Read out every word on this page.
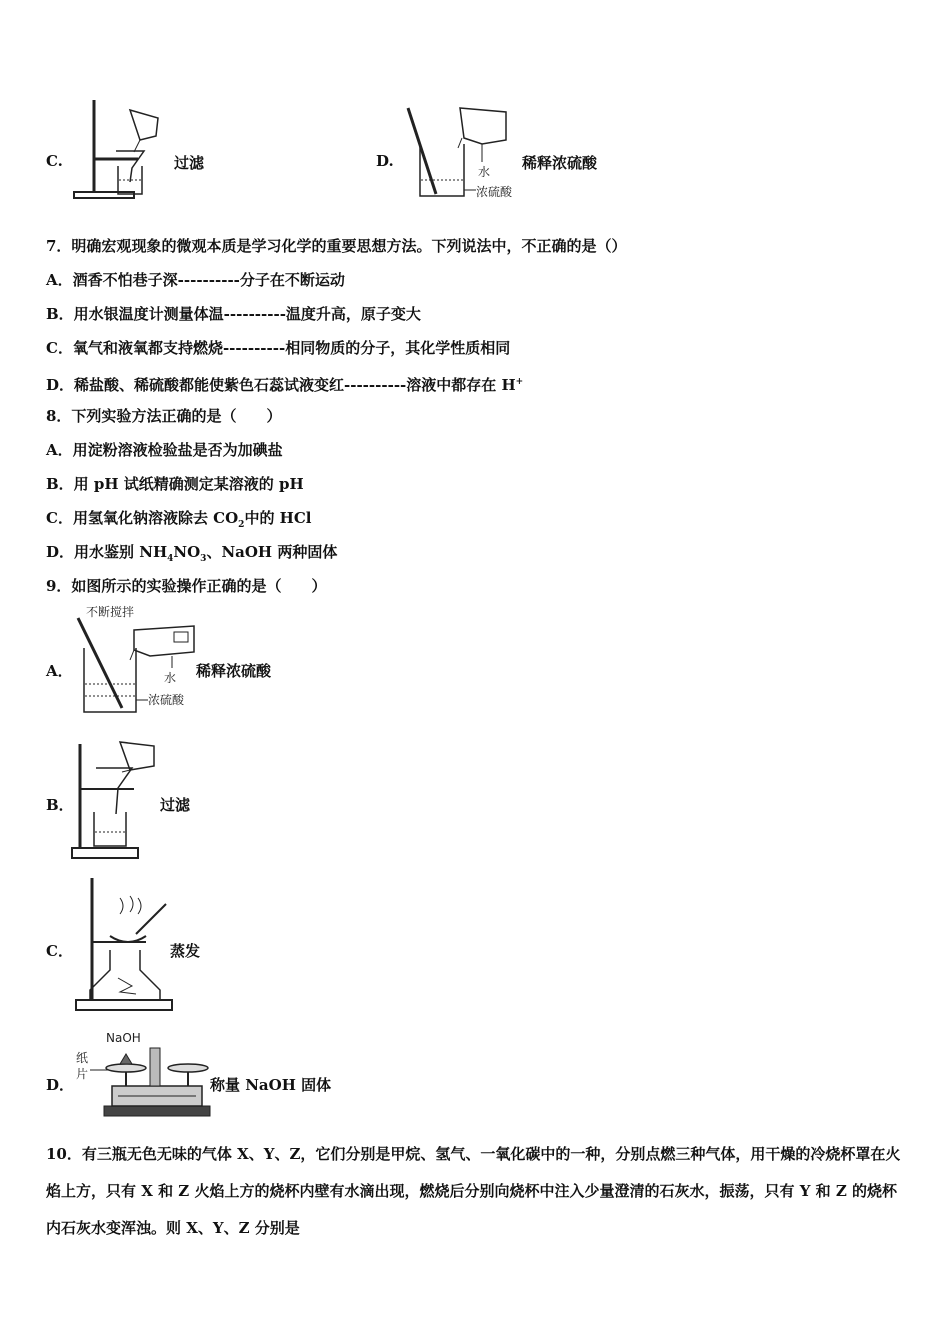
C.	过滤	D.
水
浓硫酸
稀释浓硫酸
7．明确宏观现象的微观本质是学习化学的重要思想方法。下列说法中，不正确的是（）
A．酒香不怕巷子深----------分子在不断运动
B．用水银温度计测量体温----------温度升高，原子变大
C．氧气和液氧都支持燃烧----------相同物质的分子，其化学性质相同
D．稀盐酸、稀硫酸都能使紫色石蕊试液变红----------溶液中都存在 H+
8．下列实验方法正确的是（　　）
A．用淀粉溶液检验盐是否为加碘盐
B．用 pH 试纸精确测定某溶液的 pH
C．用氢氧化钠溶液除去 $CO_2$中的 HCl
D．用水鉴别 $NH_4NO_3$、NaOH 两种固体
9．如图所示的实验操作正确的是（　　）
A．
不断搅拌
水
浓硫酸
稀释浓硫酸
B．	过滤
C．	蒸发
D．
NaOH
纸
片
称量 NaOH 固体
10．有三瓶无色无味的气体 X、Y、Z，它们分别是甲烷、氢气、一氧化碳中的一种，分别点燃三种气体，用干燥的冷烧杯罩在火焰上方，只有 X 和 Z 火焰上方的烧杯内壁有水滴出现，燃烧后分别向烧杯中注入少量澄清的石灰水，振荡，只有 Y 和 Z 的烧杯内石灰水变浑浊。则 X、Y、Z 分别是
